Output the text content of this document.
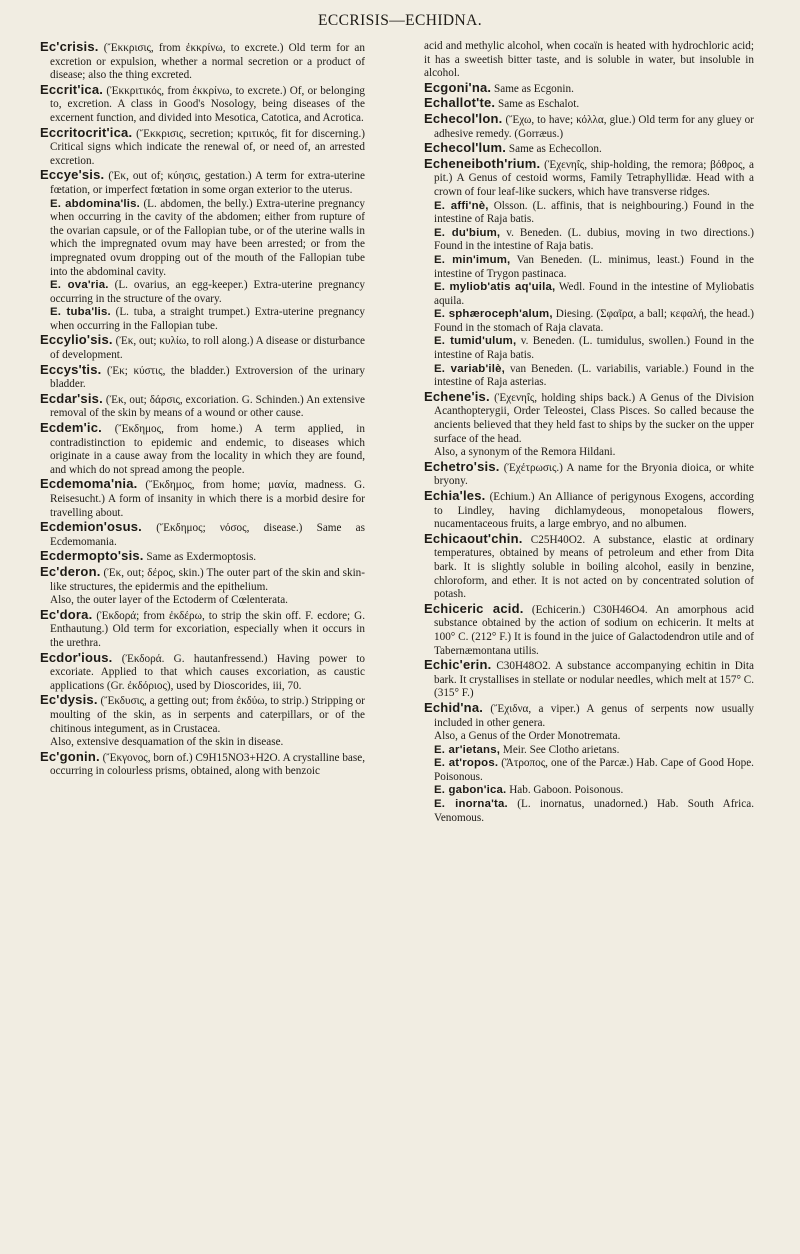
ECCRISIS—ECHIDNA.

Ec'crisis. (Ἔκκρισις, from ἐκκρίνω, to excrete.) Old term for an excretion or expulsion, whether a normal secretion or a product of disease; also the thing excreted.

Eccrit'ica. (Ἐκκριτικός, from ἐκκρίνω, to excrete.) Of, or belonging to, excretion. A class in Good's Nosology, being diseases of the excernent function, and divided into Mesotica, Catotica, and Acrotica.

Eccritocrit'ica. (Ἔκκρισις, secretion; κριτικός, fit for discerning.) Critical signs which indicate the renewal of, or need of, an arrested excretion.

Eccye'sis. (Ἐκ, out of; κύησις, gestation.) A term for extra-uterine fœtation, or imperfect fœtation in some organ exterior to the uterus.

E. abdomina'lis. (L. abdomen, the belly.) Extra-uterine pregnancy when occurring in the cavity of the abdomen; either from rupture of the ovarian capsule, or of the Fallopian tube, or of the uterine walls in which the impregnated ovum may have been arrested; or from the impregnated ovum dropping out of the mouth of the Fallopian tube into the abdominal cavity.

E. ova'ria. (L. ovarius, an egg-keeper.) Extra-uterine pregnancy occurring in the structure of the ovary.

E. tuba'lis. (L. tuba, a straight trumpet.) Extra-uterine pregnancy when occurring in the Fallopian tube.

Eccylio'sis. (Ἐκ, out; κυλίω, to roll along.) A disease or disturbance of development.

Eccys'tis. (Ἐκ; κύστις, the bladder.) Extroversion of the urinary bladder.

Ecdar'sis. (Ἐκ, out; δάρσις, excoriation. G. Schinden.) An extensive removal of the skin by means of a wound or other cause.

Ecdem'ic. (Ἔκδημος, from home.) A term applied, in contradistinction to epidemic and endemic, to diseases which originate in a cause away from the locality in which they are found, and which do not spread among the people.

Ecdemoma'nia. (Ἔκδημος, from home; μανία, madness. G. Reisesucht.) A form of insanity in which there is a morbid desire for travelling about.

Ecdemion'osus. (Ἔκδημος; νόσος, disease.) Same as Ecdemomania.

Ecdermopto'sis. Same as Exdermoptosis.

Ec'deron. (Ἐκ, out; δέρος, skin.) The outer part of the skin and skin-like structures, the epidermis and the epithelium.

Also, the outer layer of the Ectoderm of Cœlenterata.

Ec'dora. (Ἐκδορά; from ἐκδέρω, to strip the skin off. F. ecdore; G. Enthautung.) Old term for excoriation, especially when it occurs in the urethra.

Ecdor'ious. (Ἐκδορά. G. hautanfressend.) Having power to excoriate. Applied to that which causes excoriation, as caustic applications (Gr. ἐκδόριος), used by Dioscorides, iii, 70.

Ec'dysis. (Ἔκδυσις, a getting out; from ἐκδύω, to strip.) Stripping or moulting of the skin, as in serpents and caterpillars, or of the chitinous integument, as in Crustacea.

Also, extensive desquamation of the skin in disease.

Ec'gonin. (Ἔκγονος, born of.) C9H15NO3+H2O. A crystalline base, occurring in colourless prisms, obtained, along with benzoic

acid and methylic alcohol, when cocaïn is heated with hydrochloric acid; it has a sweetish bitter taste, and is soluble in water, but insoluble in alcohol.

Ecgoni'na. Same as Ecgonin.

Echallot'te. Same as Eschalot.

Echecol'lon. (Ἔχω, to have; κόλλα, glue.) Old term for any gluey or adhesive remedy. (Gorræus.)

Echecol'lum. Same as Echecollon.

Echeneiboth'rium. (Ἐχενηΐς, ship-holding, the remora; βόθρος, a pit.) A Genus of cestoid worms, Family Tetraphyllidæ. Head with a crown of four leaf-like suckers, which have transverse ridges.

E. affi'nè, Olsson. (L. affinis, that is neighbouring.) Found in the intestine of Raja batis.

E. du'bium, v. Beneden. (L. dubius, moving in two directions.) Found in the intestine of Raja batis.

E. min'imum, Van Beneden. (L. minimus, least.) Found in the intestine of Trygon pastinaca.

E. myliob'atis aq'uila, Wedl. Found in the intestine of Myliobatis aquila.

E. sphæroceph'alum, Diesing. (Σφαῖρα, a ball; κεφαλή, the head.) Found in the stomach of Raja clavata.

E. tumid'ulum, v. Beneden. (L. tumidulus, swollen.) Found in the intestine of Raja batis.

E. variab'ilè, van Beneden. (L. variabilis, variable.) Found in the intestine of Raja asterias.

Echene'is. (Ἐχενηΐς, holding ships back.) A Genus of the Division Acanthopterygii, Order Teleostei, Class Pisces. So called because the ancients believed that they held fast to ships by the sucker on the upper surface of the head.

Also, a synonym of the Remora Hildani.

Echetro'sis. (Ἐχέτρωσις.) A name for the Bryonia dioica, or white bryony.

Echia'les. (Echium.) An Alliance of perigynous Exogens, according to Lindley, having dichlamydeous, monopetalous flowers, nucamentaceous fruits, a large embryo, and no albumen.

Echicaout'chin. C25H40O2. A substance, elastic at ordinary temperatures, obtained by means of petroleum and ether from Dita bark. It is slightly soluble in boiling alcohol, easily in benzine, chloroform, and ether. It is not acted on by concentrated solution of potash.

Echiceric acid. (Echicerin.) C30H46O4. An amorphous acid substance obtained by the action of sodium on echicerin. It melts at 100° C. (212° F.) It is found in the juice of Galactodendron utile and of Tabernæmontana utilis.

Echic'erin. C30H48O2. A substance accompanying echitin in Dita bark. It crystallises in stellate or nodular needles, which melt at 157° C. (315° F.)

Echid'na. (Ἔχιδνα, a viper.) A genus of serpents now usually included in other genera.

Also, a Genus of the Order Monotremata.

E. ar'ietans, Meir. See Clotho arietans.

E. at'ropos. (Ἄτροπος, one of the Parcæ.) Hab. Cape of Good Hope. Poisonous.

E. gabon'ica. Hab. Gaboon. Poisonous.

E. inorna'ta. (L. inornatus, unadorned.) Hab. South Africa. Venomous.
